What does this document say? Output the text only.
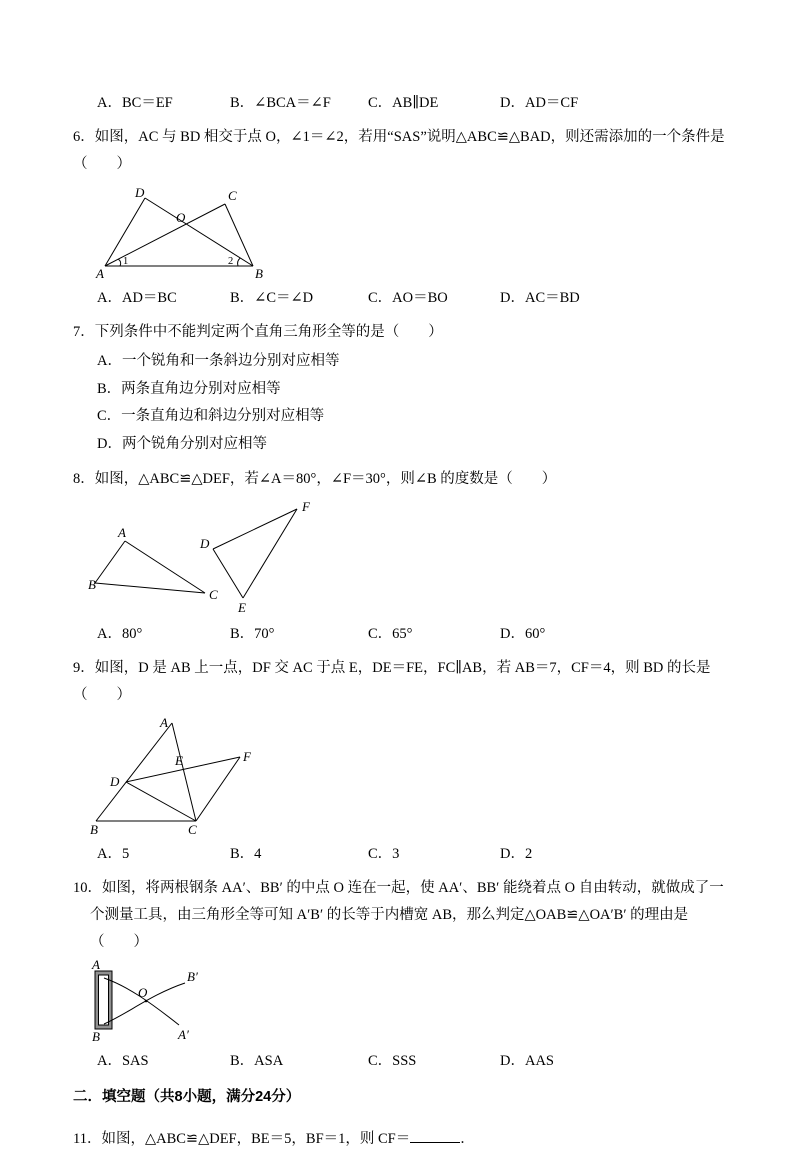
A．BC＝EF	B．∠BCA＝∠F	C．AB∥DE	D．AD＝CF

6．如图，AC 与 BD 相交于点 O，∠1＝∠2，若用“SAS”说明△ABC≌△BAD，则还需添加的一个条件是（　　）

A	B
D	C
O
1	2
A．AD＝BC	B．∠C＝∠D	C．AO＝BO	D．AC＝BD

7．下列条件中不能判定两个直角三角形全等的是（　　）

A．一个锐角和一条斜边分别对应相等
B．两条直角边分别对应相等
C．一条直角边和斜边分别对应相等
D．两个锐角分别对应相等

8．如图，△ABC≌△DEF，若∠A＝80°，∠F＝30°，则∠B 的度数是（　　）

A
B
C
D
E
F
A．80°	B．70°	C．65°	D．60°

9．如图，D 是 AB 上一点，DF 交 AC 于点 E，DE＝FE，FC∥AB，若 AB＝7，CF＝4，则 BD 的长是（　　）

A
B	C
D
E	F
A．5	B．4	C．3	D．2

10．如图，将两根钢条 AA′、BB′ 的中点 O 连在一起，使 AA′、BB′ 能绕着点 O 自由转动，就做成了一个测量工具，由三角形全等可知 A′B′ 的长等于内槽宽 AB，那么判定△OAB≌△OA′B′ 的理由是（　　）

A
B
B′
A′
O
A．SAS	B．ASA	C．SSS	D．AAS

二．填空题（共8小题，满分24分）

11．如图，△ABC≌△DEF，BE＝5，BF＝1，则 CF＝	．
